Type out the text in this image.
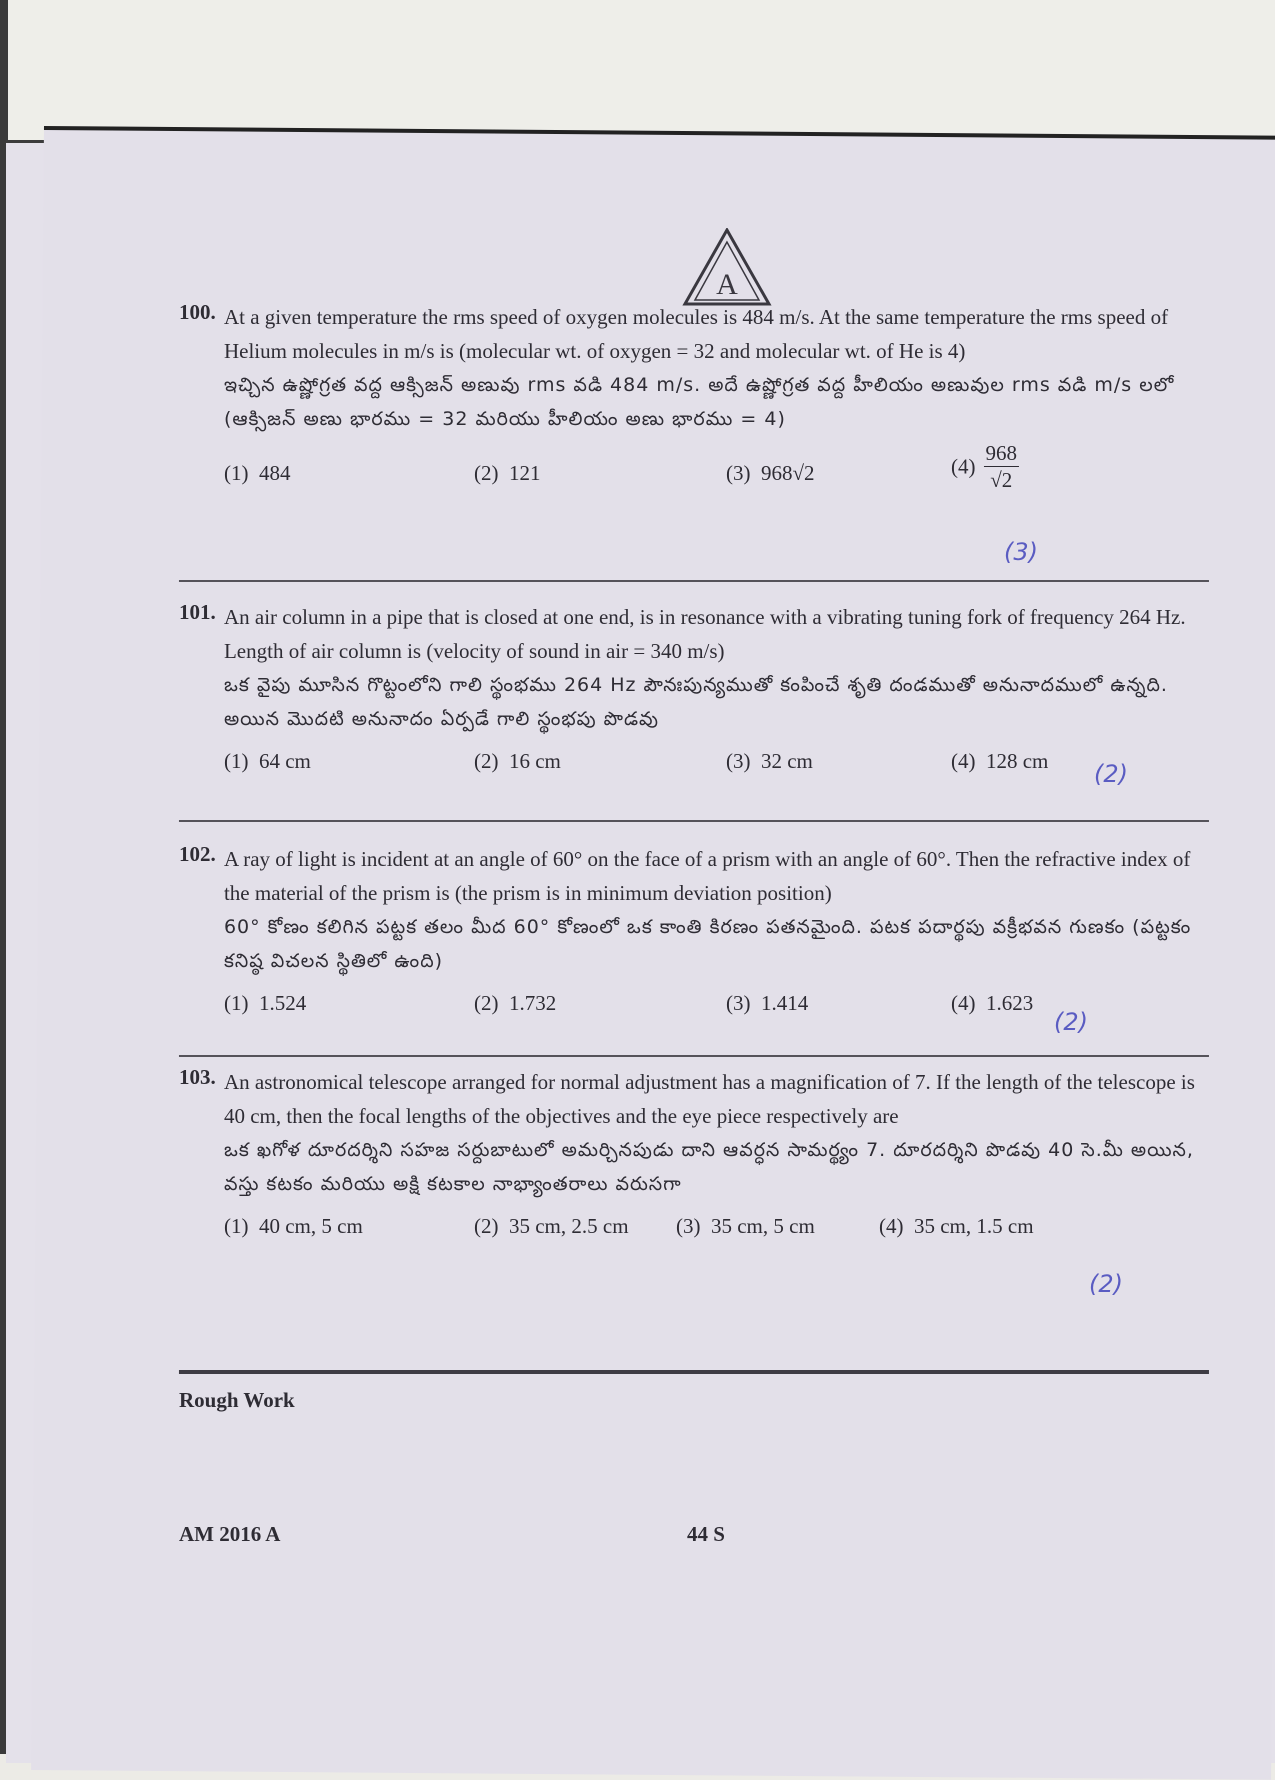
A
100. At a given temperature the rms speed of oxygen molecules is 484 m/s. At the same temperature the rms speed of Helium molecules in m/s is (molecular wt. of oxygen = 32 and molecular wt. of He is 4)
ఇచ్చిన ఉష్ణోగ్రత వద్ద ఆక్సిజన్ అణువు rms వడి 484 m/s. అదే ఉష్ణోగ్రత వద్ద హీలియం అణువుల rms వడి m/s లలో
(ఆక్సిజన్ అణు భారము = 32 మరియు హీలియం అణు భారము = 4)
(1) 484	(2) 121	(3) 968√2	$(4) \frac{968}{√2}$
(3)
101. An air column in a pipe that is closed at one end, is in resonance with a vibrating tuning fork of frequency 264 Hz. Length of air column is (velocity of sound in air = 340 m/s)
ఒక వైపు మూసిన గొట్టంలోని గాలి స్థంభము 264 Hz పౌనఃపున్యముతో కంపించే శృతి దండముతో అనునాదములో ఉన్నది. అయిన మొదటి అనునాదం ఏర్పడే గాలి స్థంభపు పొడవు
(1) 64 cm	(2) 16 cm	(3) 32 cm	(4) 128 cm (2)
102. A ray of light is incident at an angle of 60° on the face of a prism with an angle of 60°. Then the refractive index of the material of the prism is (the prism is in minimum deviation position)
60° కోణం కలిగిన పట్టక తలం మీద 60° కోణంలో ఒక కాంతి కిరణం పతనమైంది. పటక పదార్థపు వక్రీభవన గుణకం (పట్టకం కనిష్ఠ విచలన స్థితిలో ఉంది)
(1) 1.524	(2) 1.732	(3) 1.414	(4) 1.623
(2)
103. An astronomical telescope arranged for normal adjustment has a magnification of 7. If the length of the telescope is 40 cm, then the focal lengths of the objectives and the eye piece respectively are
ఒక ఖగోళ దూరదర్శిని సహజ సర్దుబాటులో అమర్చినపుడు దాని ఆవర్ధన సామర్థ్యం 7. దూరదర్శిని పొడవు 40 సె.మీ అయిన, వస్తు కటకం మరియు అక్షి కటకాల నాభ్యాంతరాలు వరుసగా
(1) 40 cm, 5 cm	(2) 35 cm, 2.5 cm (3) 35 cm, 5 cm	(4) 35 cm, 1.5 cm
(2)
Rough Work
AM 2016 A	44 S
